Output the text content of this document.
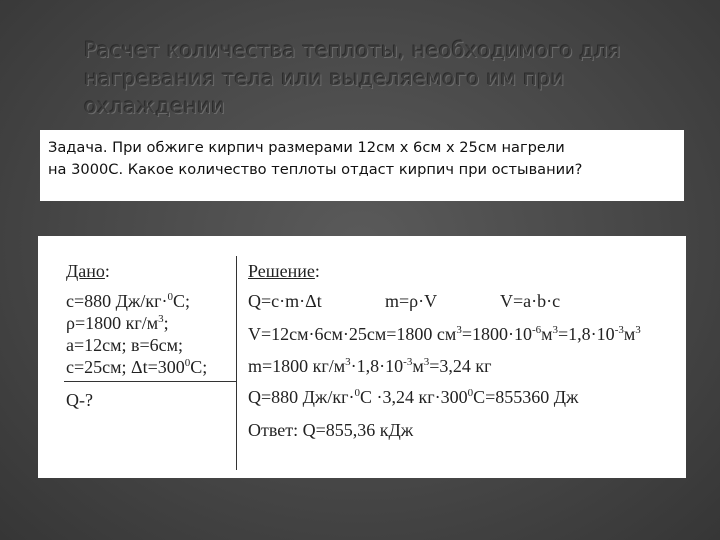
Расчет количества теплоты, необходимого для нагревания тела или выделяемого им при охлаждении
Задача. При обжиге кирпич размерами 12см х 6см х 25см нагрели
на 3000С. Какое количество теплоты отдаст кирпич при остывании?
Дано:
с=880 Дж/кг·$^0$С;
ρ=1800 $кг/м^3$;
а=12см; в=6см;
с=25см; $\Delta t=300^0С$;
Q-?
Решение:
Q=с·m·Δt	m=ρ·V	V=a·b·c
V=12см·6см·25см=1800 $см^3=1800\cdot 10^{-6}м^3=1,8\cdot 10^{-3}м^3$
m=1800 $кг/м^3\cdot 1,8\cdot 10^{-3}м^3=3,24$ кг
Q=880 Дж/кг·$^0$С ·3,24 $кг\cdot 300^0С=855360$ Дж
Ответ: Q=855,36 кДж
